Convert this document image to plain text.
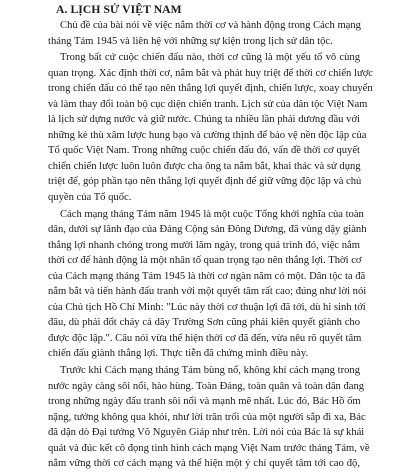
A. LỊCH SỬ VIỆT NAM
Chủ đề của bài nói về việc nắm thời cơ và hành động trong Cách mạng
tháng Tám 1945 và liên hệ với những sự kiện trong lịch sử dân tộc.
Trong bất cứ cuộc chiến đấu nào, thời cơ cũng là một yếu tố vô cùng
quan trọng. Xác định thời cơ, nắm bắt và phát huy triệt để thời cơ chiến lược
trong chiến đấu có thể tạo nên thắng lợi quyết định, chiến lược, xoay chuyển
và làm thay đổi toàn bộ cục diện chiến tranh. Lịch sử của dân tộc Việt Nam
là lịch sử dựng nước và giữ nước. Chúng ta nhiều lần phải dương đầu với
những kẻ thù xâm lược hung bạo và cường thịnh để bảo vệ nền độc lập của
Tổ quốc Việt Nam. Trong những cuộc chiến đấu đó, vấn đề thời cơ quyết
chiến chiến lược luôn luôn được cha ông ta nắm bắt, khai thác và sử dụng
triệt để, góp phần tạo nên thắng lợi quyết định để giữ vững độc lập và chủ
quyền của Tổ quốc.
Cách mạng tháng Tám năm 1945 là một cuộc Tổng khởi nghĩa của toàn
dân, dưới sự lãnh đạo của Đảng Cộng sản Đông Dương, đã vùng dậy giành
thắng lợi nhanh chóng trong mười lăm ngày, trong quá trình đó, việc nắm
thời cơ để hành động là một nhân tố quan trọng tạo nên thắng lợi. Thời cơ
của Cách mạng tháng Tám 1945 là thời cơ ngàn năm có một. Dân tộc ta đã
nắm bắt và tiến hành đấu tranh với một quyết tâm rất cao; đúng như lời nói
của Chủ tịch Hồ Chí Minh: "Lúc này thời cơ thuận lợi đã tới, dù hi sinh tới
đâu, dù phải đốt cháy cả dãy Trường Sơn cũng phải kiên quyết giành cho
được độc lập.". Câu nói vừa thể hiện thời cơ đã đến, vừa nêu rõ quyết tâm
chiến đấu giành thắng lợi. Thực tiễn đã chứng minh điều này.
Trước khi Cách mạng tháng Tám bùng nổ, không khí cách mạng trong
nước ngày càng sôi nổi, hào hùng. Toàn Đảng, toàn quân và toàn dân đang
trong những ngày đấu tranh sôi nổi và mạnh mẽ nhất. Lúc đó, Bác Hồ ốm
nặng, tưởng không qua khỏi, như lời trăn trối của một người sắp đi xa, Bác
đã dặn dò Đại tướng Võ Nguyên Giáp như trên. Lời nói của Bác là sự khái
quát và đúc kết cô đọng tình hình cách mạng Việt Nam trước tháng Tám, về
nắm vững thời cơ cách mạng và thể hiện một ý chí quyết tâm tới cao độ,
